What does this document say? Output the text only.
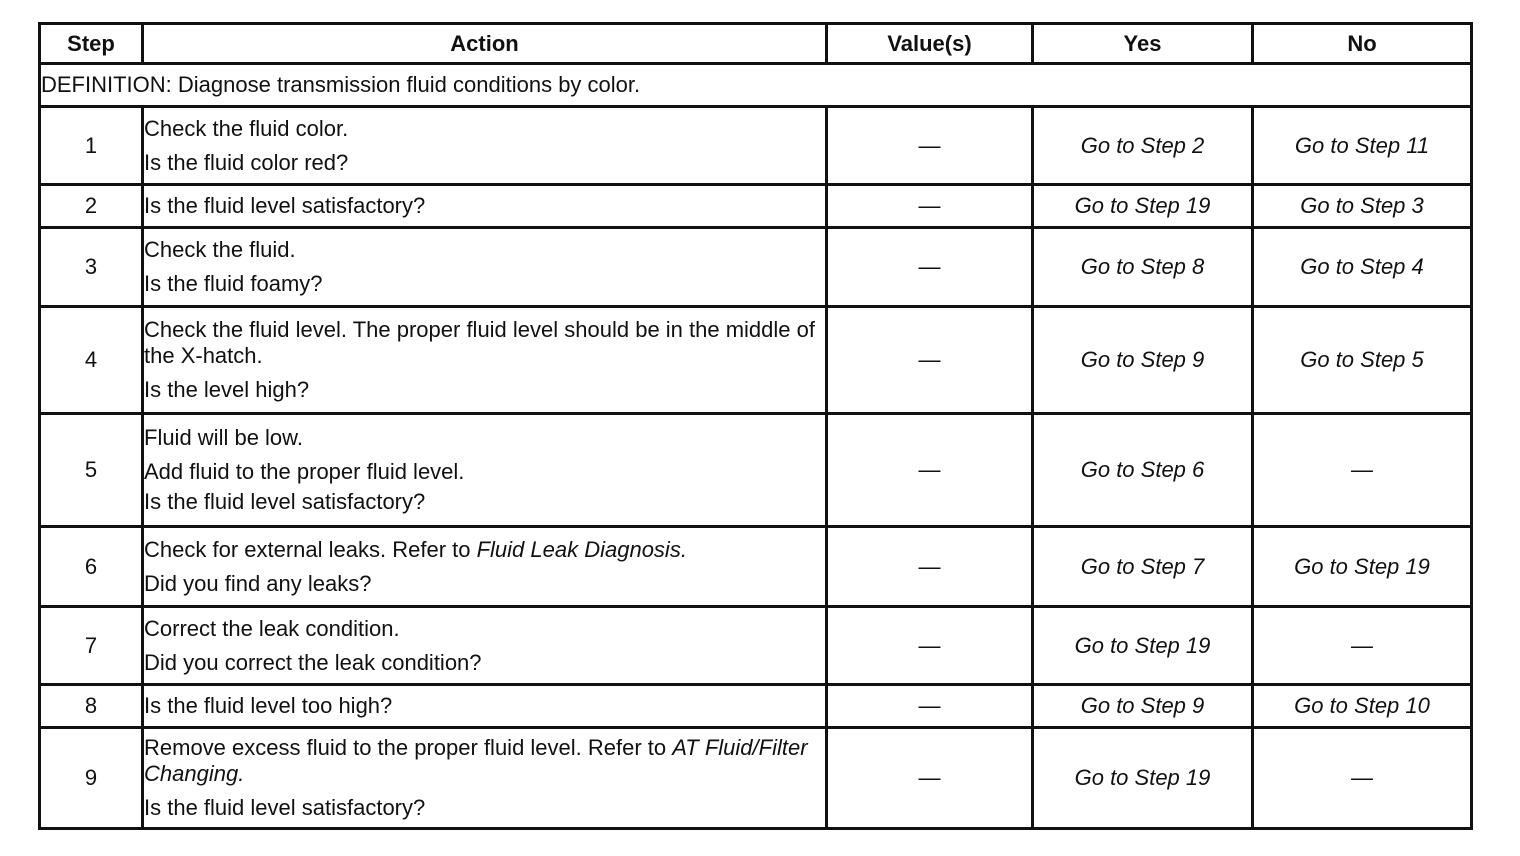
Step	Action	Value(s)	Yes	No
DEFINITION: Diagnose transmission fluid conditions by color.				
1	Check the fluid color.
Is the fluid color red?	—	Go to Step 2	Go to Step 11
2	Is the fluid level satisfactory?	—	Go to Step 19	Go to Step 3
3	Check the fluid.
Is the fluid foamy?	—	Go to Step 8	Go to Step 4
4	Check the fluid level. The proper fluid level should be in the middle of the X-hatch.
Is the level high?	—	Go to Step 9	Go to Step 5
5	Fluid will be low.
Add fluid to the proper fluid level.
Is the fluid level satisfactory?	—	Go to Step 6	—
6	Check for external leaks. Refer to Fluid Leak Diagnosis.
Did you find any leaks?	—	Go to Step 7	Go to Step 19
7	Correct the leak condition.
Did you correct the leak condition?	—	Go to Step 19	—
8	Is the fluid level too high?	—	Go to Step 9	Go to Step 10
9	Remove excess fluid to the proper fluid level. Refer to AT Fluid/Filter Changing.
Is the fluid level satisfactory?	—	Go to Step 19	—
